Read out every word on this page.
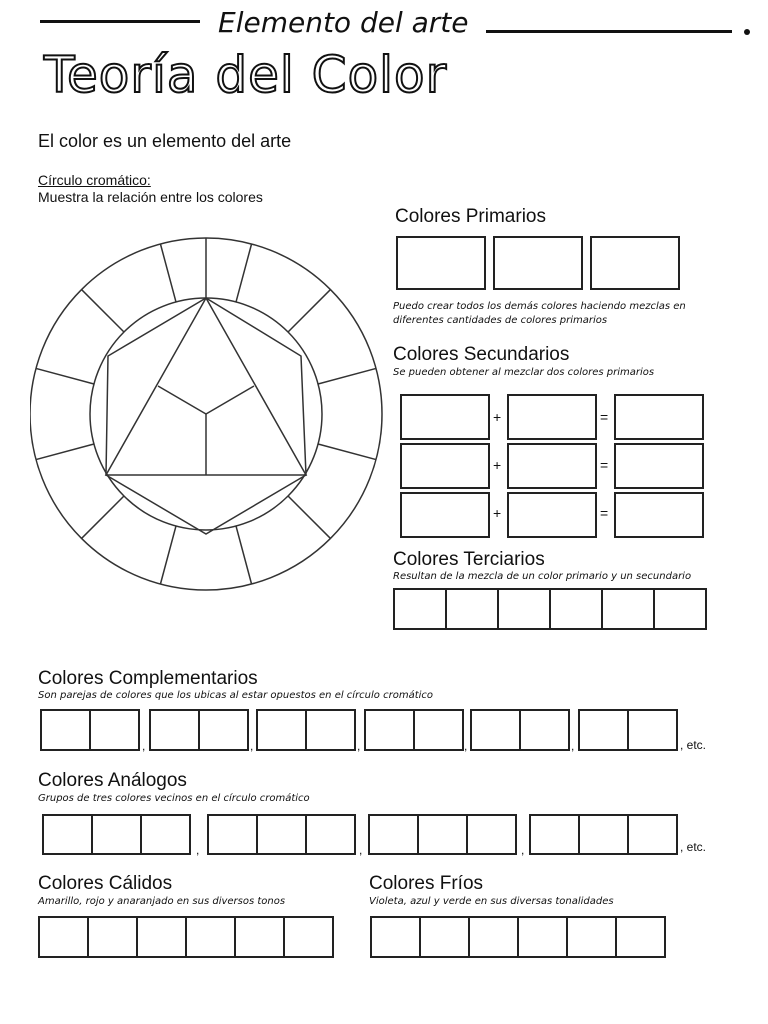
Elemento del arte
Teoría del Color
El color es un elemento del arte
Círculo cromático:
Muestra la relación entre los colores
Colores Primarios
Puedo crear todos los demás colores haciendo mezclas en diferentes cantidades de colores primarios
Colores Secundarios
Se pueden obtener al mezclar dos colores primarios
+	=
+	=
+	=
Colores Terciarios
Resultan de la mezcla de un color primario y un secundario
Colores Complementarios
Son parejas de colores que los ubicas al estar opuestos en el círculo cromático
,	,	,	,	,	, etc.
Colores Análogos
Grupos de tres colores vecinos en el círculo cromático
,	,	,	, etc.
Colores Cálidos
Amarillo, rojo y anaranjado en sus diversos tonos
Colores Fríos
Violeta, azul y verde en sus diversas tonalidades
